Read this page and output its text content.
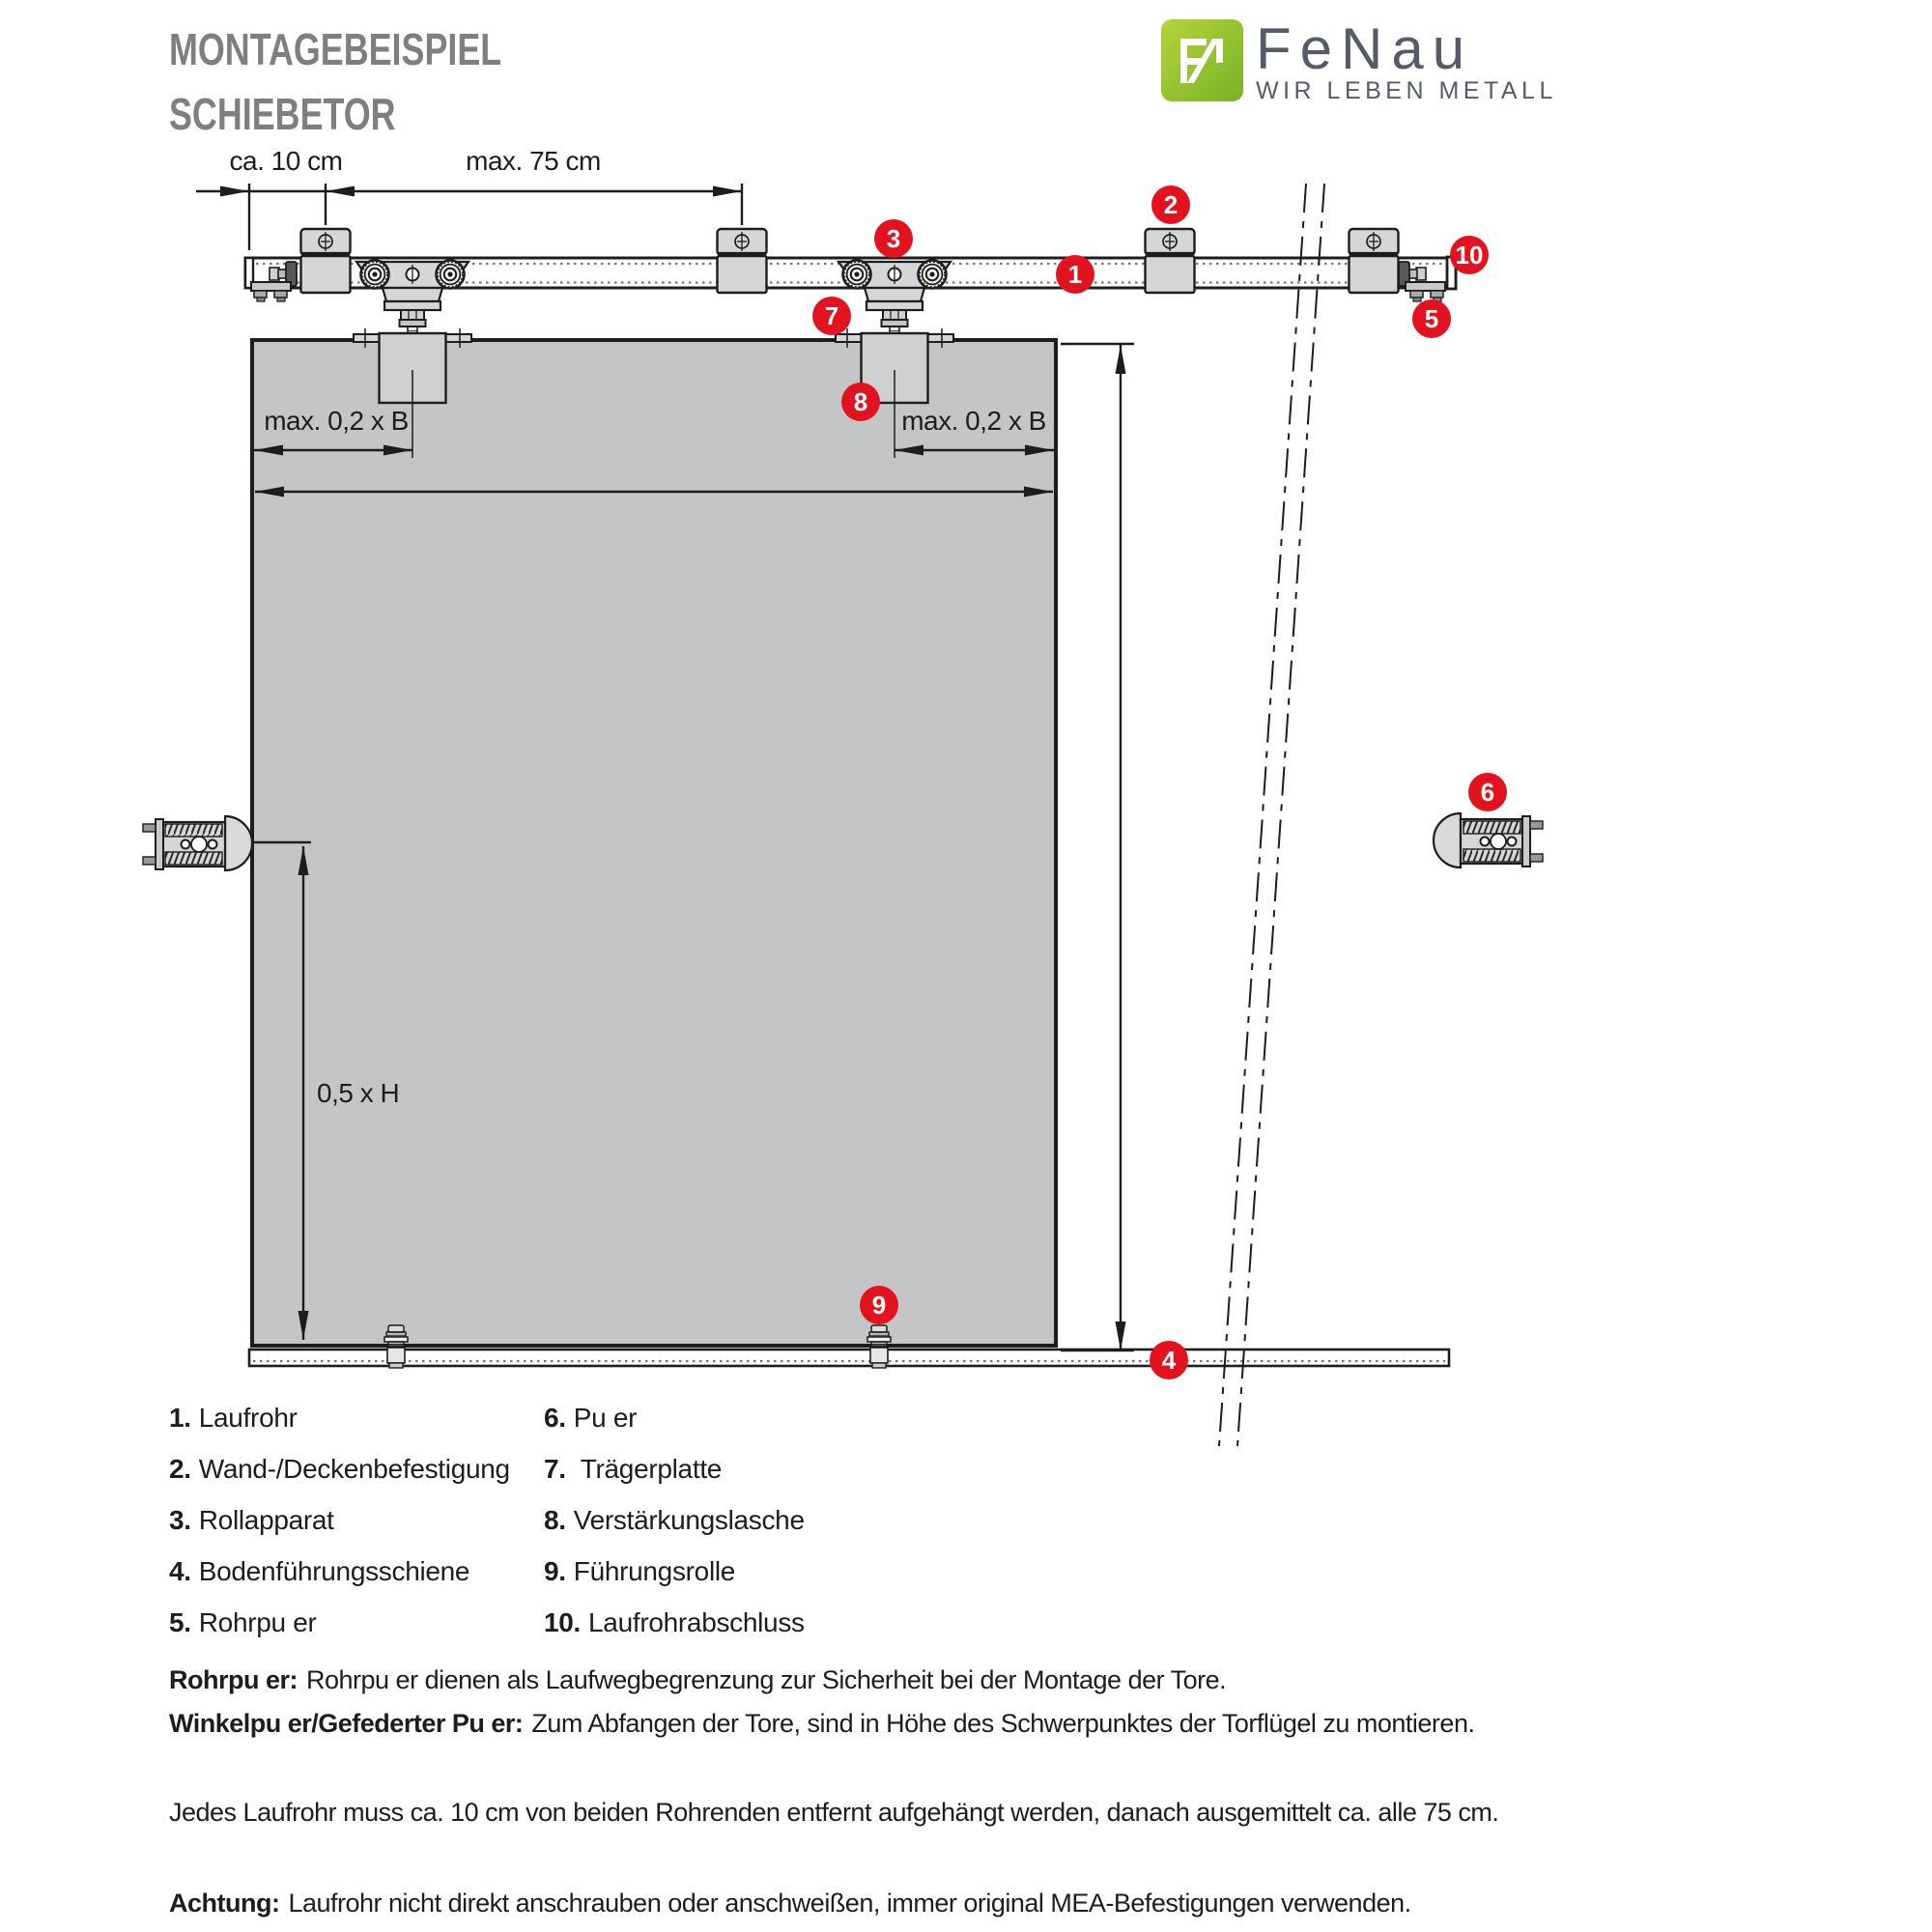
MONTAGEBEISPIEL
SCHIEBETOR
FeNau
WIR LEBEN METALL
ca. 10 cm	max. 75 cm
max. 0,2 x B	max. 0,2 x B
0,5 x H
1
2
3
4
5
6
7
8
9
10
1. Laufrohr
2. Wand-/Deckenbefestigung
3. Rollapparat
4. Bodenführungsschiene
5. Rohrpu er
6. Pu er
7. Trägerplatte
8. Verstärkungslasche
9. Führungsrolle
10. Laufrohrabschluss
Rohrpu er: Rohrpu er dienen als Laufwegbegrenzung zur Sicherheit bei der Montage der Tore.
Winkelpu er/Gefederter Pu er: Zum Abfangen der Tore, sind in Höhe des Schwerpunktes der Torflügel zu montieren.
Jedes Laufrohr muss ca. 10 cm von beiden Rohrenden entfernt aufgehängt werden, danach ausgemittelt ca. alle 75 cm.
Achtung: Laufrohr nicht direkt anschrauben oder anschweißen, immer original MEA-Befestigungen verwenden.
